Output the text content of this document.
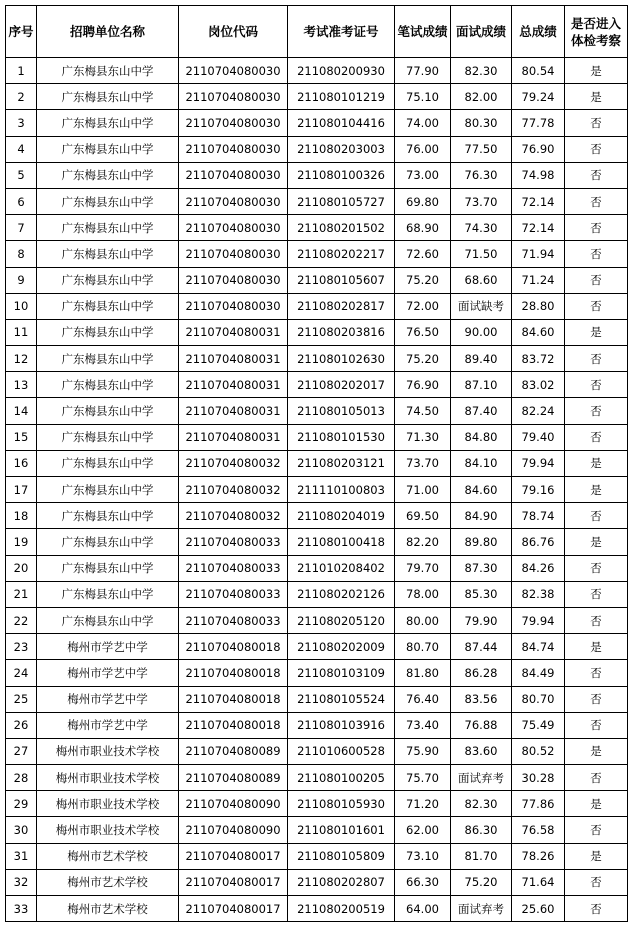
序号	招聘单位名称	岗位代码	考试准考证号	笔试成绩	面试成绩	总成绩	是否进入体检考察
1	广东梅县东山中学	2110704080030	211080200930	77.90	82.30	80.54	是
2	广东梅县东山中学	2110704080030	211080101219	75.10	82.00	79.24	是
3	广东梅县东山中学	2110704080030	211080104416	74.00	80.30	77.78	否
4	广东梅县东山中学	2110704080030	211080203003	76.00	77.50	76.90	否
5	广东梅县东山中学	2110704080030	211080100326	73.00	76.30	74.98	否
6	广东梅县东山中学	2110704080030	211080105727	69.80	73.70	72.14	否
7	广东梅县东山中学	2110704080030	211080201502	68.90	74.30	72.14	否
8	广东梅县东山中学	2110704080030	211080202217	72.60	71.50	71.94	否
9	广东梅县东山中学	2110704080030	211080105607	75.20	68.60	71.24	否
10	广东梅县东山中学	2110704080030	211080202817	72.00	面试缺考	28.80	否
11	广东梅县东山中学	2110704080031	211080203816	76.50	90.00	84.60	是
12	广东梅县东山中学	2110704080031	211080102630	75.20	89.40	83.72	否
13	广东梅县东山中学	2110704080031	211080202017	76.90	87.10	83.02	否
14	广东梅县东山中学	2110704080031	211080105013	74.50	87.40	82.24	否
15	广东梅县东山中学	2110704080031	211080101530	71.30	84.80	79.40	否
16	广东梅县东山中学	2110704080032	211080203121	73.70	84.10	79.94	是
17	广东梅县东山中学	2110704080032	211110100803	71.00	84.60	79.16	是
18	广东梅县东山中学	2110704080032	211080204019	69.50	84.90	78.74	否
19	广东梅县东山中学	2110704080033	211080100418	82.20	89.80	86.76	是
20	广东梅县东山中学	2110704080033	211010208402	79.70	87.30	84.26	否
21	广东梅县东山中学	2110704080033	211080202126	78.00	85.30	82.38	否
22	广东梅县东山中学	2110704080033	211080205120	80.00	79.90	79.94	否
23	梅州市学艺中学	2110704080018	211080202009	80.70	87.44	84.74	是
24	梅州市学艺中学	2110704080018	211080103109	81.80	86.28	84.49	否
25	梅州市学艺中学	2110704080018	211080105524	76.40	83.56	80.70	否
26	梅州市学艺中学	2110704080018	211080103916	73.40	76.88	75.49	否
27	梅州市职业技术学校	2110704080089	211010600528	75.90	83.60	80.52	是
28	梅州市职业技术学校	2110704080089	211080100205	75.70	面试弃考	30.28	否
29	梅州市职业技术学校	2110704080090	211080105930	71.20	82.30	77.86	是
30	梅州市职业技术学校	2110704080090	211080101601	62.00	86.30	76.58	否
31	梅州市艺术学校	2110704080017	211080105809	73.10	81.70	78.26	是
32	梅州市艺术学校	2110704080017	211080202807	66.30	75.20	71.64	否
33	梅州市艺术学校	2110704080017	211080200519	64.00	面试弃考	25.60	否
